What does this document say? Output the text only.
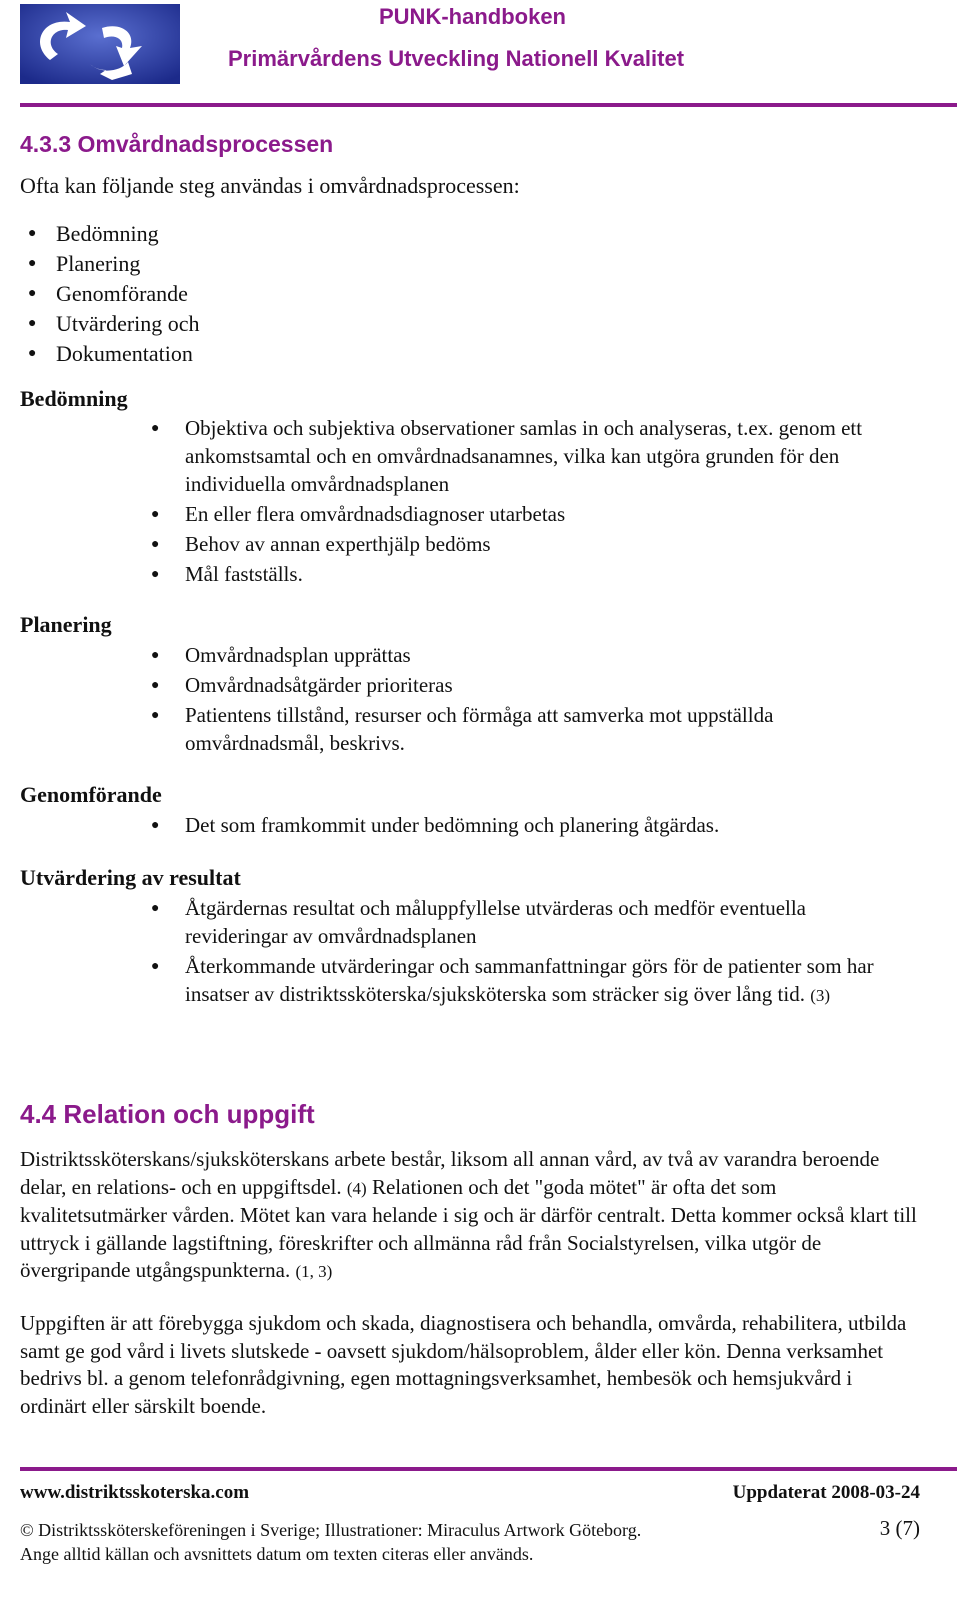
PUNK-handboken
Primärvårdens Utveckling Nationell Kvalitet
4.3.3 Omvårdnadsprocessen
Ofta kan följande steg användas i omvårdnadsprocessen:
● Bedömning
● Planering
● Genomförande
● Utvärdering och
● Dokumentation
Bedömning
● Objektiva och subjektiva observationer samlas in och analyseras, t.ex. genom ett ankomstsamtal och en omvårdnadsanamnes, vilka kan utgöra grunden för den individuella omvårdnadsplanen
● En eller flera omvårdnadsdiagnoser utarbetas
● Behov av annan experthjälp bedöms
● Mål fastställs.
Planering
● Omvårdnadsplan upprättas
● Omvårdnadsåtgärder prioriteras
● Patientens tillstånd, resurser och förmåga att samverka mot uppställda omvårdnadsmål, beskrivs.
Genomförande
● Det som framkommit under bedömning och planering åtgärdas.
Utvärdering av resultat
● Åtgärdernas resultat och måluppfyllelse utvärderas och medför eventuella revideringar av omvårdnadsplanen
● Återkommande utvärderingar och sammanfattningar görs för de patienter som har insatser av distriktssköterska/sjuksköterska som sträcker sig över lång tid. (3)
4.4 Relation och uppgift
Distriktssköterskans/sjuksköterskans arbete består, liksom all annan vård, av två av varandra beroende delar, en relations- och en uppgiftsdel. (4) Relationen och det "goda mötet" är ofta det som kvalitetsutmärker vården. Mötet kan vara helande i sig och är därför centralt. Detta kommer också klart till uttryck i gällande lagstiftning, föreskrifter och allmänna råd från Socialstyrelsen, vilka utgör de övergripande utgångspunkterna. (1, 3)
Uppgiften är att förebygga sjukdom och skada, diagnostisera och behandla, omvårda, rehabilitera, utbilda samt ge god vård i livets slutskede - oavsett sjukdom/hälsoproblem, ålder eller kön. Denna verksamhet bedrivs bl. a genom telefonrådgivning, egen mottagningsverksamhet, hembesök och hemsjukvård i ordinärt eller särskilt boende.
www.distriktsskoterska.com	Uppdaterat 2008-03-24
© Distriktssköterskeföreningen i Sverige; Illustrationer: Miraculus Artwork Göteborg.	3 (7)
Ange alltid källan och avsnittets datum om texten citeras eller används.
